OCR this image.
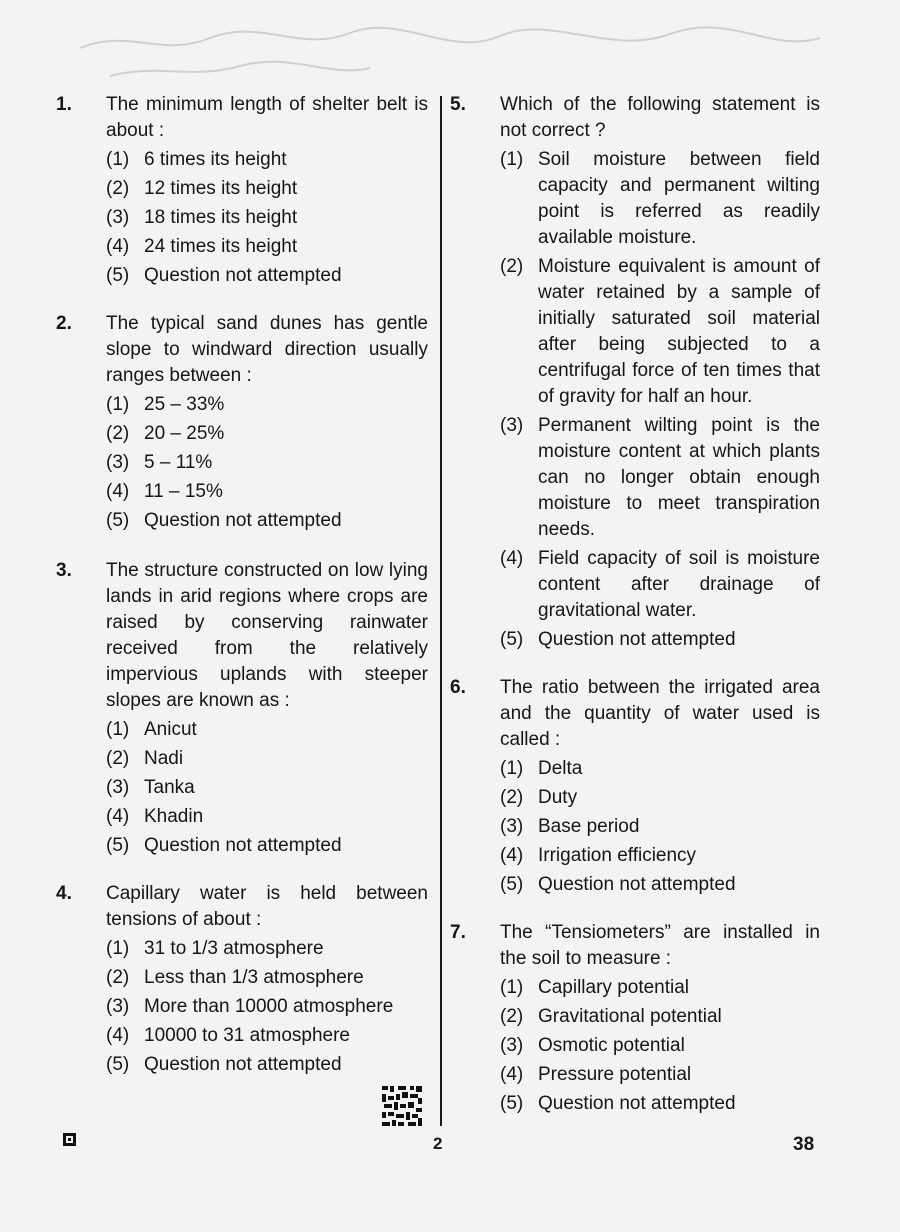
1. The minimum length of shelter belt is about :
(1) 6 times its height
(2) 12 times its height
(3) 18 times its height
(4) 24 times its height
(5) Question not attempted
2. The typical sand dunes has gentle slope to windward direction usually ranges between :
(1) 25 – 33%
(2) 20 – 25%
(3) 5 – 11%
(4) 11 – 15%
(5) Question not attempted
3. The structure constructed on low lying lands in arid regions where crops are raised by conserving rainwater received from the relatively impervious uplands with steeper slopes are known as :
(1) Anicut
(2) Nadi
(3) Tanka
(4) Khadin
(5) Question not attempted
4. Capillary water is held between tensions of about :
(1) 31 to 1/3 atmosphere
(2) Less than 1/3 atmosphere
(3) More than 10000 atmosphere
(4) 10000 to 31 atmosphere
(5) Question not attempted
5. Which of the following statement is not correct ?
(1) Soil moisture between field capacity and permanent wilting point is referred as readily available moisture.
(2) Moisture equivalent is amount of water retained by a sample of initially saturated soil material after being subjected to a centrifugal force of ten times that of gravity for half an hour.
(3) Permanent wilting point is the moisture content at which plants can no longer obtain enough moisture to meet transpiration needs.
(4) Field capacity of soil is moisture content after drainage of gravitational water.
(5) Question not attempted
6. The ratio between the irrigated area and the quantity of water used is called :
(1) Delta
(2) Duty
(3) Base period
(4) Irrigation efficiency
(5) Question not attempted
7. The “Tensiometers” are installed in the soil to measure :
(1) Capillary potential
(2) Gravitational potential
(3) Osmotic potential
(4) Pressure potential
(5) Question not attempted
2	38
